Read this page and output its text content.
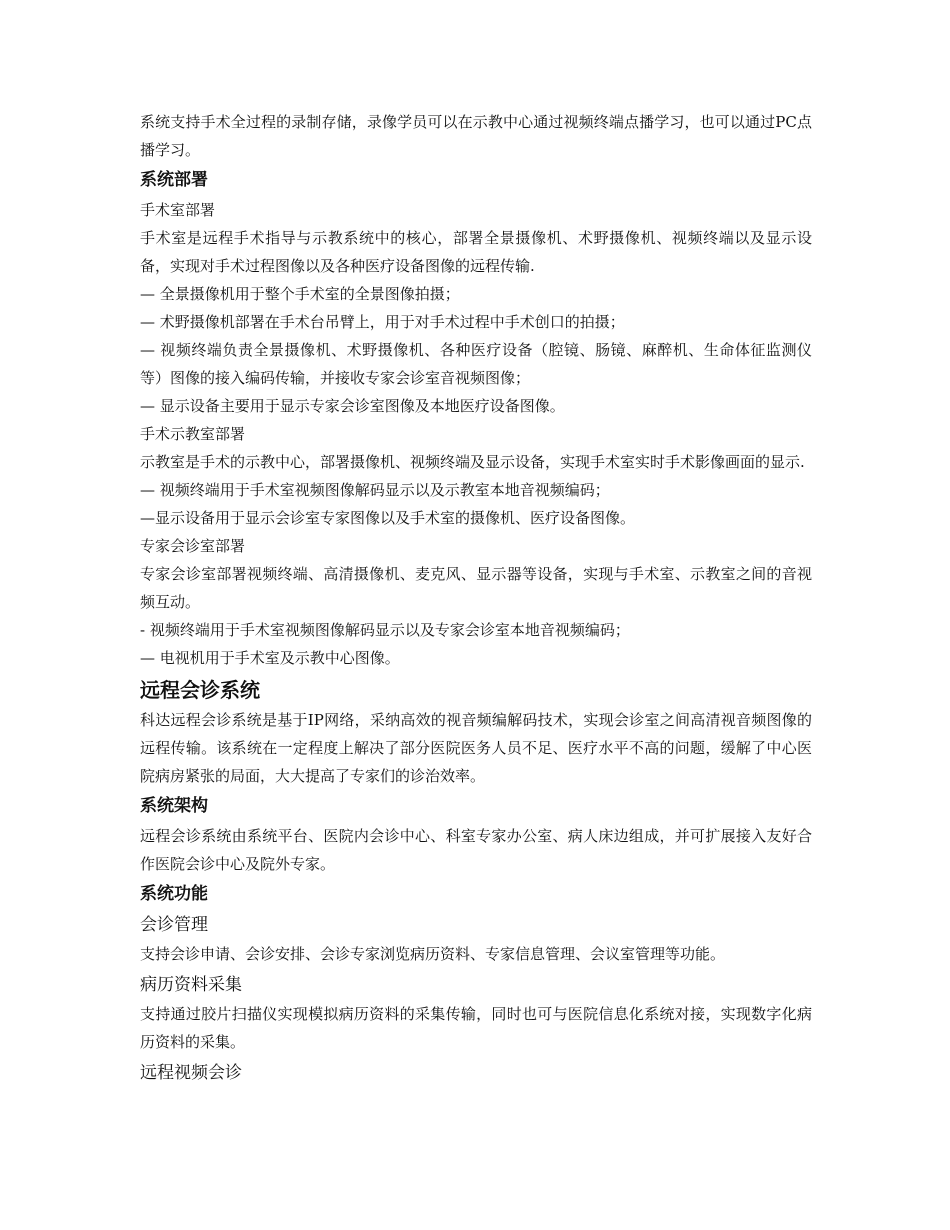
系统支持手术全过程的录制存储，录像学员可以在示教中心通过视频终端点播学习，也可以通过PC点播学习。

系统部署

手术室部署

手术室是远程手术指导与示教系统中的核心，部署全景摄像机、术野摄像机、视频终端以及显示设备，实现对手术过程图像以及各种医疗设备图像的远程传输.

— 全景摄像机用于整个手术室的全景图像拍摄；

— 术野摄像机部署在手术台吊臂上，用于对手术过程中手术创口的拍摄；

— 视频终端负责全景摄像机、术野摄像机、各种医疗设备（腔镜、肠镜、麻醉机、生命体征监测仪等）图像的接入编码传输，并接收专家会诊室音视频图像；

— 显示设备主要用于显示专家会诊室图像及本地医疗设备图像。

手术示教室部署

示教室是手术的示教中心，部署摄像机、视频终端及显示设备，实现手术室实时手术影像画面的显示.

— 视频终端用于手术室视频图像解码显示以及示教室本地音视频编码；

—显示设备用于显示会诊室专家图像以及手术室的摄像机、医疗设备图像。

专家会诊室部署

专家会诊室部署视频终端、高清摄像机、麦克风、显示器等设备，实现与手术室、示教室之间的音视频互动。

- 视频终端用于手术室视频图像解码显示以及专家会诊室本地音视频编码；

— 电视机用于手术室及示教中心图像。

远程会诊系统

科达远程会诊系统是基于IP网络，采纳高效的视音频编解码技术，实现会诊室之间高清视音频图像的远程传输。该系统在一定程度上解决了部分医院医务人员不足、医疗水平不高的问题，缓解了中心医院病房紧张的局面，大大提高了专家们的诊治效率。

系统架构

远程会诊系统由系统平台、医院内会诊中心、科室专家办公室、病人床边组成，并可扩展接入友好合作医院会诊中心及院外专家。

系统功能
会诊管理

支持会诊申请、会诊安排、会诊专家浏览病历资料、专家信息管理、会议室管理等功能。

病历资料采集

支持通过胶片扫描仪实现模拟病历资料的采集传输，同时也可与医院信息化系统对接，实现数字化病历资料的采集。

远程视频会诊
